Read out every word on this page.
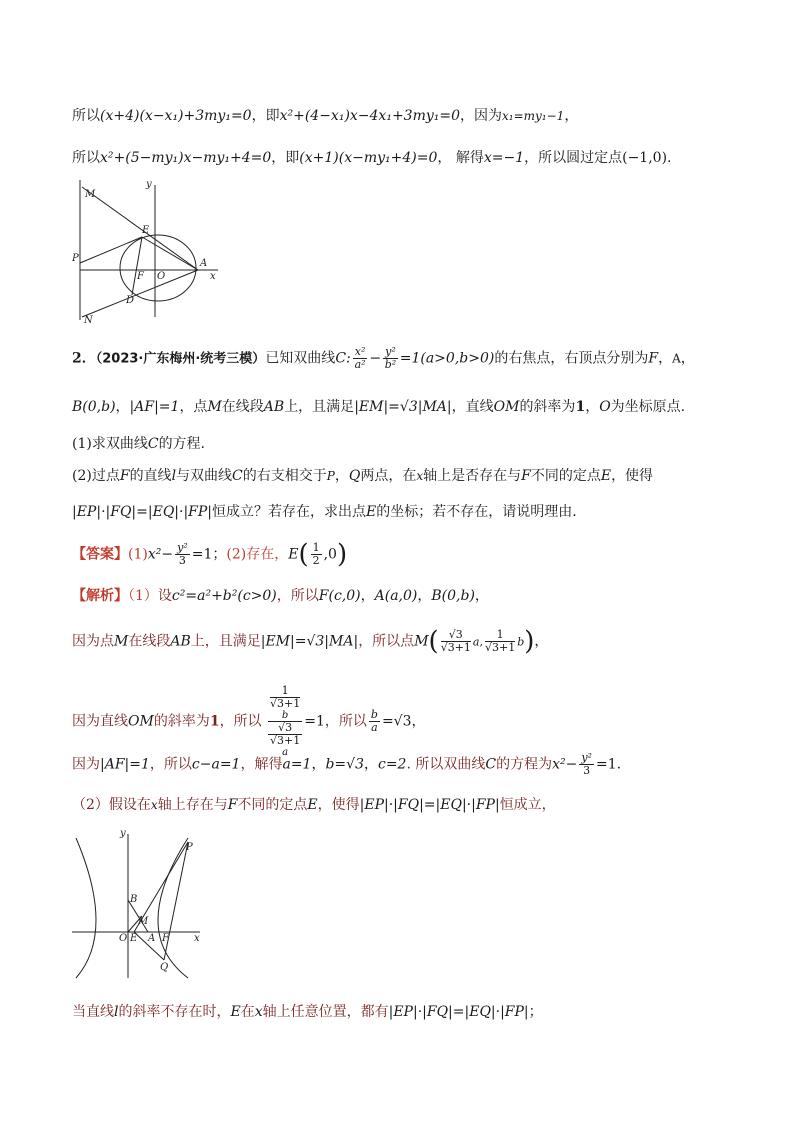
所以(x+4)(x−x₁)+3my₁=0，即x²+(4−x₁)x−4x₁+3my₁=0，因为x₁=my₁−1，
所以x²+(5−my₁)x−my₁+4=0，即(x+1)(x−my₁+4)=0， 解得x=−1，所以圆过定点(−1,0).
M
E
P
F O
A
D
N
x
y
2．（2023·广东梅州·统考三模）已知双曲线C: $\frac{\text{x²}}{\text{a²}} - \frac{\text{y²}}{\text{b²}} =1(a>0,b>0)$的右焦点，右顶点分别为F，A，
B(0,b)，|AF|=1，点M在线段AB上，且满足|EM|=√3|MA|，直线OM的斜率为1，O为坐标原点.
(1)求双曲线C的方程.
(2)过点F的直线l与双曲线C的右支相交于P，Q两点，在x轴上是否存在与F不同的定点E，使得
|EP|·|FQ|=|EQ|·|FP|恒成立？若存在，求出点E的坐标；若不存在，请说明理由.
【答案】$(1)x^2- \frac{\text{y²}}{3} =1$；(2)存在，$E( \frac{1}{2} ,0)$
【解析】（1）设c²=a²+b²(c>0)，所以F(c,0)，A(a,0)，B(0,b)，
因为点M在线段AB上，且满足|EM|=√3|MA|，所以点$M( \frac{√3}{√3+1} a$, $\frac{1}{√3+1} b$)，
因为直线OM的斜率为1，所以 1
√3+1
b
√3
√3+1
a =1，所以 $\frac{b}{a} =√3$，
因为|AF|=1，所以c−a=1，解得a=1，b=√3，c=2. 所以双曲线C的方程为$x^2- \frac{\text{y²}}{3} =1$.
（2）假设在x轴上存在与F不同的定点E，使得|EP|·|FQ|=|EQ|·|FP|恒成立，
y
P
B
M
O E A F	x
Q
当直线l的斜率不存在时，E在x轴上任意位置，都有|EP|·|FQ|=|EQ|·|FP|；
